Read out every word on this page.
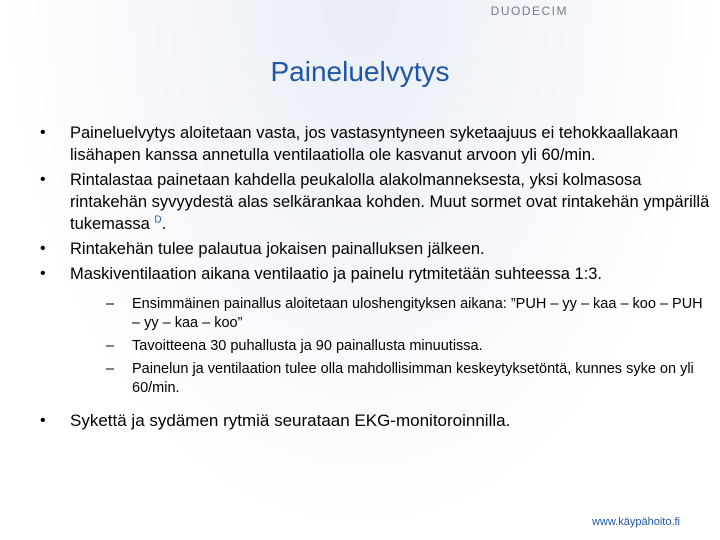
DUODECIM
Paineluelvytys
• Paineluelvytys aloitetaan vasta, jos vastasyntyneen syketaajuus ei tehokkaallakaan lisähapen kanssa annetulla ventilaatiolla ole kasvanut arvoon yli 60/min.
• Rintalastaa painetaan kahdella peukalolla alakolmanneksesta, yksi kolmasosa rintakehän syvyydestä alas selkärankaa kohden. Muut sormet ovat rintakehän ympärillä tukemassa $^D$.
• Rintakehän tulee palautua jokaisen painalluksen jälkeen.
• Maskiventilaation aikana ventilaatio ja painelu rytmitetään suhteessa 1:3.
– Ensimmäinen painallus aloitetaan uloshengityksen aikana: ”PUH – yy – kaa – koo – PUH – yy – kaa – koo”
– Tavoitteena 30 puhallusta ja 90 painallusta minuutissa.
– Painelun ja ventilaation tulee olla mahdollisimman keskeytyksetöntä, kunnes syke on yli 60/min.
• Sykettä ja sydämen rytmiä seurataan EKG-monitoroinnilla.
www.käypähoito.fi
